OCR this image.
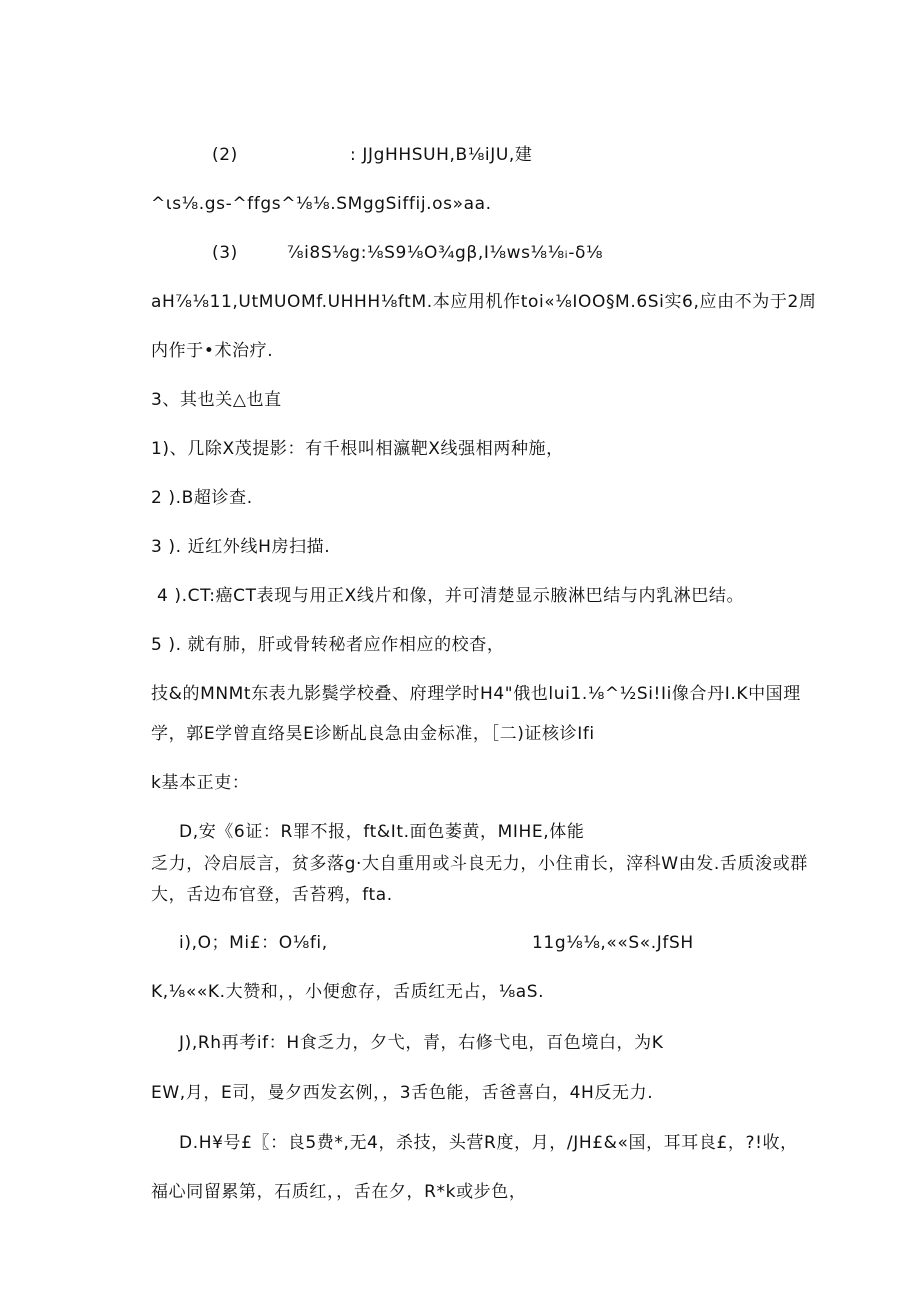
(2)	: JJgHHSUH,B⅛iJU,建

^ιs⅛.gs-^ffgs^⅛⅛.SMggSiffij.os»aa.

(3)	⅞i8S⅛g:⅛S9⅛O¾gβ,I⅛ws⅛⅛ᵢ-δ⅛

aH⅞⅛11,UtMUOMf.UHHH⅛ftM.本应用机作toi«⅛IOO§M.6Si实6,应由不为于2周

内作于•术治疗.

3、其也关△也直

1)、几除X茂提影：有千根叫相瀛靶X线强相两种施，

2 ).B超诊查.

3 ). 近红外线H房扫描.

4 ).CT:癌CT表现与用正X线片和像，并可清楚显示腋淋巴结与内乳淋巴结。

5 ). 就有肺，肝或骨转秘者应作相应的校杳，

技&的MNMt东表九影鬓学校叠、府理学时H4"俄也lui1.⅛^½Si!Ii像合丹I.K中国理

学，郭E学曾直络昊E诊断乩良急由金标准，［二)证核诊Ifi

k基本正吏：

D,安《6证：R罪不报，ft&It.面色萎黄，MIHE,体能

乏力，冷启辰言，贫多落g·大自重用或斗良无力，小住甫长，滓科W由发.舌质浚或群

大，舌边布官登，舌苔鸦，fta.

i),O；Mi£：O⅛fi,	11g⅛⅛,««S«.JfSH

K,⅛««K.大赞和，，小便愈存，舌质红无占，⅛aS.

J),Rh再考if：H食乏力，夕弋，青，右修弋电，百色境白，为K

EW,月，E司，曼夕西发玄例，，3舌色能，舌爸喜白，4H反无力.

D.H¥号£〖：良5费*,无4，杀技，头营R度，月，/JH£&«国，耳耳良£，?!收，

福心同留累第，石质红，，舌在夕，R*k或步色，
